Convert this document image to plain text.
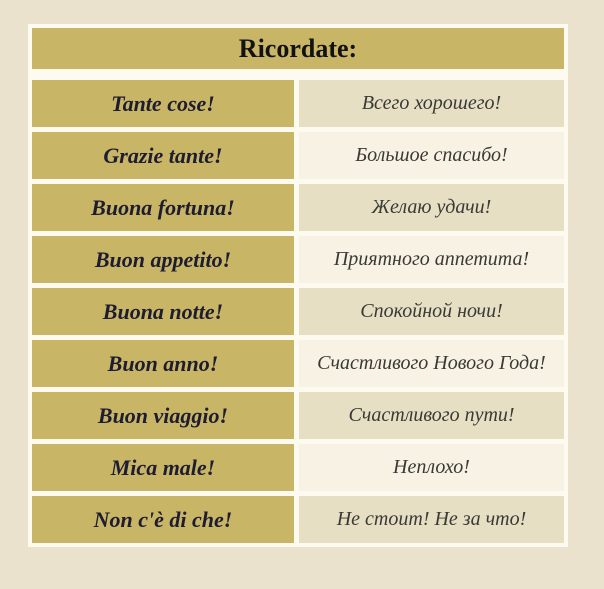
Ricordate:
Tante cose!	Всего хорошего!
Grazie tante!	Большое спасибо!
Buona fortuna!	Желаю удачи!
Buon appetito!	Приятного аппетита!
Buona notte!	Спокойной ночи!
Buon anno!	Счастливого Нового Года!
Buon viaggio!	Счастливого пути!
Mica male!	Неплохо!
Non c'è di che!	Не стоит! Не за что!
